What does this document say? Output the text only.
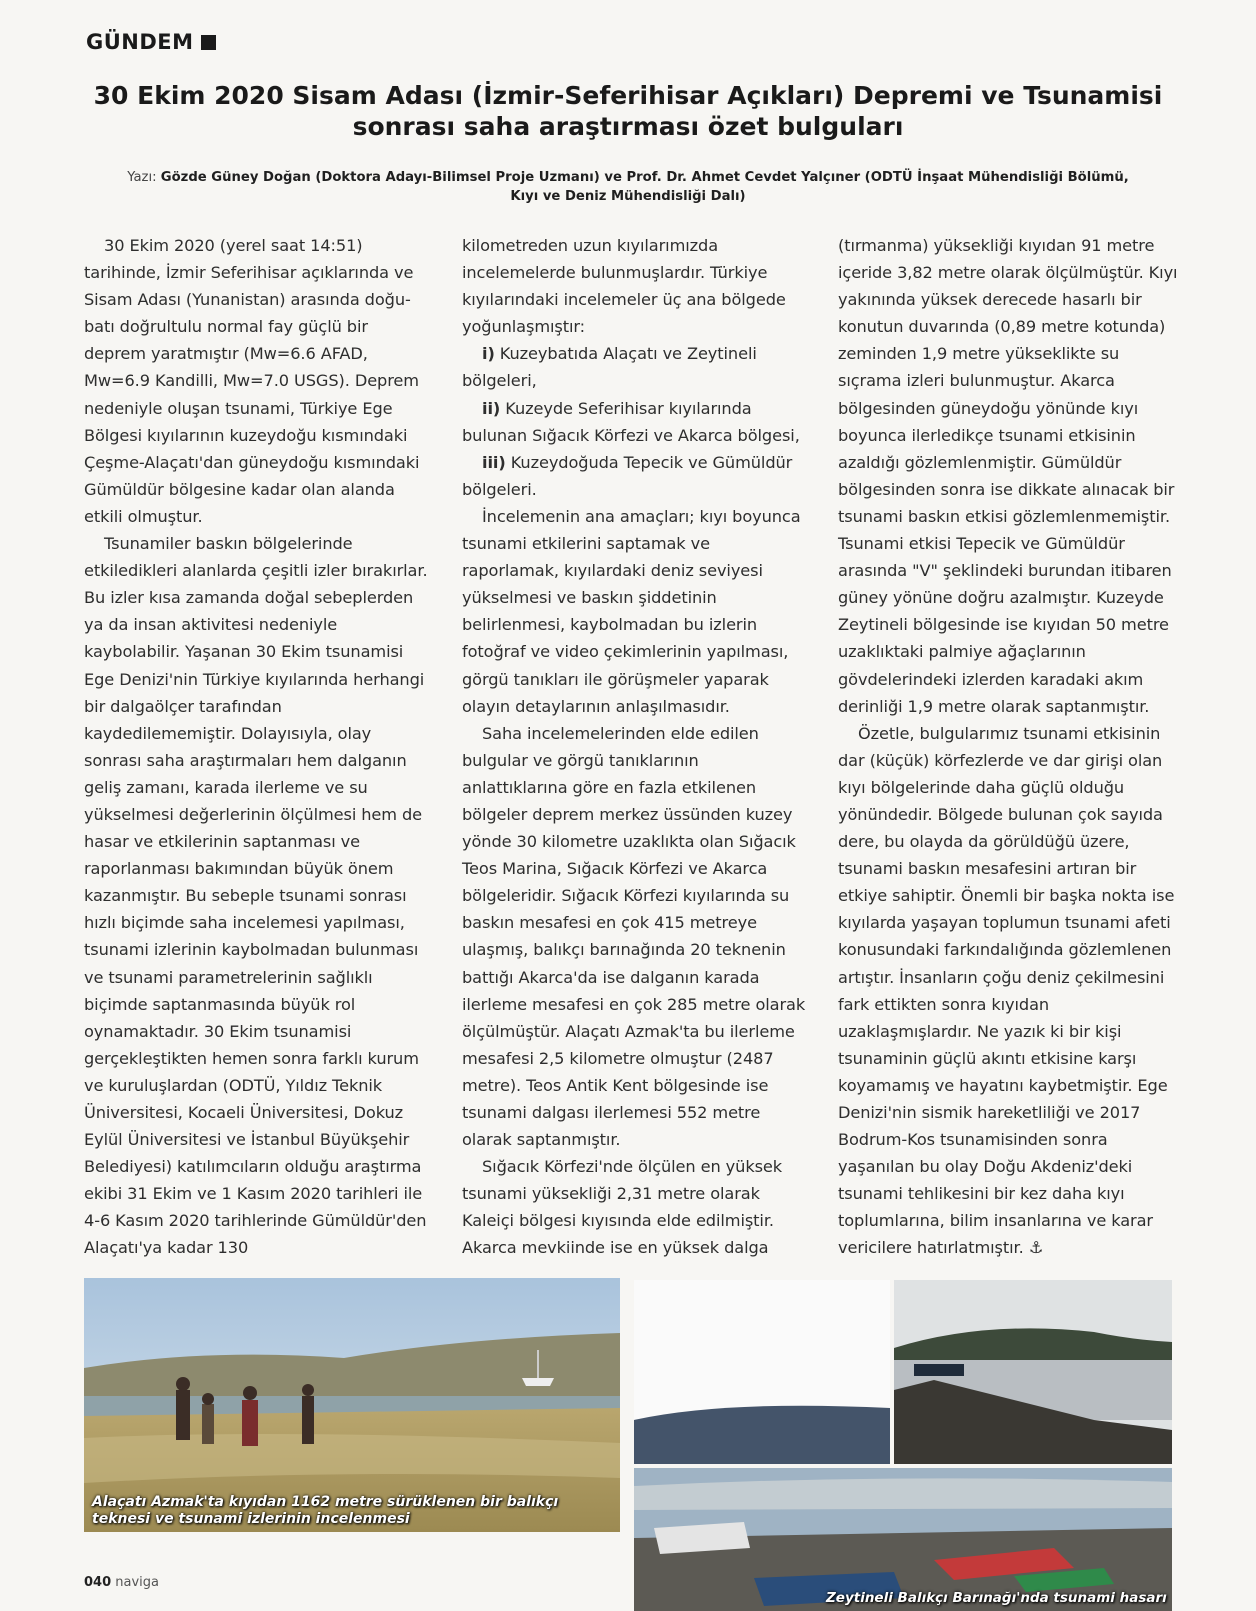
GÜNDEM
30 Ekim 2020 Sisam Adası (İzmir-Seferihisar Açıkları) Depremi ve Tsunamisi
sonrası saha araştırması özet bulguları
Yazı: Gözde Güney Doğan (Doktora Adayı-Bilimsel Proje Uzmanı) ve Prof. Dr. Ahmet Cevdet Yalçıner (ODTÜ İnşaat Mühendisliği Bölümü, Kıyı ve Deniz Mühendisliği Dalı)

30 Ekim 2020 (yerel saat 14:51) tarihinde, İzmir Seferihisar açıklarında ve Sisam Adası (Yunanistan) arasında doğu-batı doğrultulu normal fay güçlü bir deprem yaratmıştır (Mw=6.6 AFAD, Mw=6.9 Kandilli, Mw=7.0 USGS). Deprem nedeniyle oluşan tsunami, Türkiye Ege Bölgesi kıyılarının kuzeydoğu kısmındaki Çeşme-Alaçatı'dan güneydoğu kısmındaki Gümüldür bölgesine kadar olan alanda etkili olmuştur.

Tsunamiler baskın bölgelerinde etkiledikleri alanlarda çeşitli izler bırakırlar. Bu izler kısa zamanda doğal sebeplerden ya da insan aktivitesi nedeniyle kaybolabilir. Yaşanan 30 Ekim tsunamisi Ege Denizi'nin Türkiye kıyılarında herhangi bir dalgaölçer tarafından kaydedilememiştir. Dolayısıyla, olay sonrası saha araştırmaları hem dalganın geliş zamanı, karada ilerleme ve su yükselmesi değerlerinin ölçülmesi hem de hasar ve etkilerinin saptanması ve raporlanması bakımından büyük önem kazanmıştır. Bu sebeple tsunami sonrası hızlı biçimde saha incelemesi yapılması, tsunami izlerinin kaybolmadan bulunması ve tsunami parametrelerinin sağlıklı biçimde saptanmasında büyük rol oynamaktadır. 30 Ekim tsunamisi gerçekleştikten hemen sonra farklı kurum ve kuruluşlardan (ODTÜ, Yıldız Teknik Üniversitesi, Kocaeli Üniversitesi, Dokuz Eylül Üniversitesi ve İstanbul Büyükşehir Belediyesi) katılımcıların olduğu araştırma ekibi 31 Ekim ve 1 Kasım 2020 tarihleri ile 4-6 Kasım 2020 tarihlerinde Gümüldür'den Alaçatı'ya kadar 130

kilometreden uzun kıyılarımızda incelemelerde bulunmuşlardır. Türkiye kıyılarındaki incelemeler üç ana bölgede yoğunlaşmıştır:

i) Kuzeybatıda Alaçatı ve Zeytineli bölgeleri,

ii) Kuzeyde Seferihisar kıyılarında bulunan Sığacık Körfezi ve Akarca bölgesi,

iii) Kuzeydoğuda Tepecik ve Gümüldür bölgeleri.

İncelemenin ana amaçları; kıyı boyunca tsunami etkilerini saptamak ve raporlamak, kıyılardaki deniz seviyesi yükselmesi ve baskın şiddetinin belirlenmesi, kaybolmadan bu izlerin fotoğraf ve video çekimlerinin yapılması, görgü tanıkları ile görüşmeler yaparak olayın detaylarının anlaşılmasıdır.

Saha incelemelerinden elde edilen bulgular ve görgü tanıklarının anlattıklarına göre en fazla etkilenen bölgeler deprem merkez üssünden kuzey yönde 30 kilometre uzaklıkta olan Sığacık Teos Marina, Sığacık Körfezi ve Akarca bölgeleridir. Sığacık Körfezi kıyılarında su baskın mesafesi en çok 415 metreye ulaşmış, balıkçı barınağında 20 teknenin battığı Akarca'da ise dalganın karada ilerleme mesafesi en çok 285 metre olarak ölçülmüştür. Alaçatı Azmak'ta bu ilerleme mesafesi 2,5 kilometre olmuştur (2487 metre). Teos Antik Kent bölgesinde ise tsunami dalgası ilerlemesi 552 metre olarak saptanmıştır.

Sığacık Körfezi'nde ölçülen en yüksek tsunami yüksekliği 2,31 metre olarak Kaleiçi bölgesi kıyısında elde edilmiştir. Akarca mevkiinde ise en yüksek dalga

(tırmanma) yüksekliği kıyıdan 91 metre içeride 3,82 metre olarak ölçülmüştür. Kıyı yakınında yüksek derecede hasarlı bir konutun duvarında (0,89 metre kotunda) zeminden 1,9 metre yükseklikte su sıçrama izleri bulunmuştur. Akarca bölgesinden güneydoğu yönünde kıyı boyunca ilerledikçe tsunami etkisinin azaldığı gözlemlenmiştir. Gümüldür bölgesinden sonra ise dikkate alınacak bir tsunami baskın etkisi gözlemlenmemiştir. Tsunami etkisi Tepecik ve Gümüldür arasında "V" şeklindeki burundan itibaren güney yönüne doğru azalmıştır. Kuzeyde Zeytineli bölgesinde ise kıyıdan 50 metre uzaklıktaki palmiye ağaçlarının gövdelerindeki izlerden karadaki akım derinliği 1,9 metre olarak saptanmıştır.

Özetle, bulgularımız tsunami etkisinin dar (küçük) körfezlerde ve dar girişi olan kıyı bölgelerinde daha güçlü olduğu yönündedir. Bölgede bulunan çok sayıda dere, bu olayda da görüldüğü üzere, tsunami baskın mesafesini artıran bir etkiye sahiptir. Önemli bir başka nokta ise kıyılarda yaşayan toplumun tsunami afeti konusundaki farkındalığında gözlemlenen artıştır. İnsanların çoğu deniz çekilmesini fark ettikten sonra kıyıdan uzaklaşmışlardır. Ne yazık ki bir kişi tsunaminin güçlü akıntı etkisine karşı koyamamış ve hayatını kaybetmiştir. Ege Denizi'nin sismik hareketliliği ve 2017 Bodrum-Kos tsunamisinden sonra yaşanılan bu olay Doğu Akdeniz'deki tsunami tehlikesini bir kez daha kıyı toplumlarına, bilim insanlarına ve karar vericilere hatırlatmıştır. ⚓

Alaçatı Azmak'ta kıyıdan 1162 metre sürüklenen bir balıkçı teknesi ve tsunami izlerinin incelenmesi
Zeytineli Balıkçı Barınağı'nda tsunami hasarı
040 naviga
